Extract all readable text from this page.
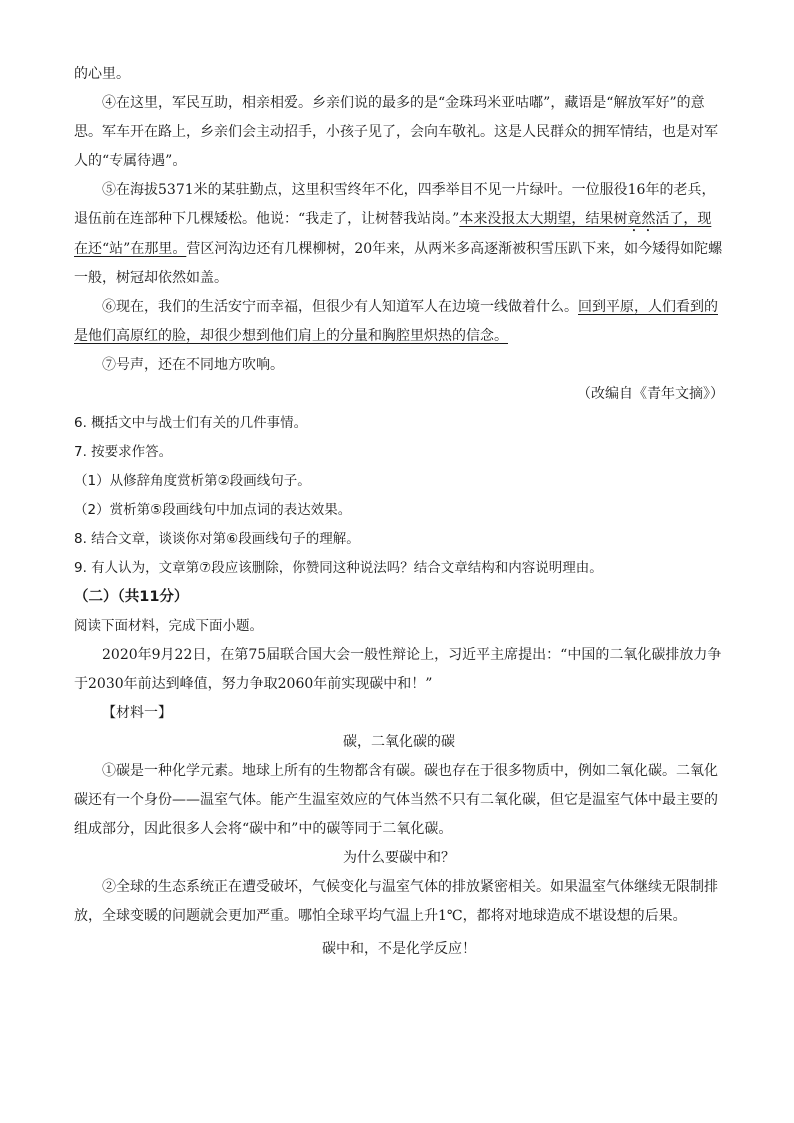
的心里。

④在这里，军民互助，相亲相爱。乡亲们说的最多的是“金珠玛米亚咕嘟”，藏语是“解放军好”的意思。军车开在路上，乡亲们会主动招手，小孩子见了，会向车敬礼。这是人民群众的拥军情结，也是对军人的“专属待遇”。

⑤在海拔5371米的某驻勤点，这里积雪终年不化，四季举目不见一片绿叶。一位服役16年的老兵，退伍前在连部种下几棵矮松。他说：“我走了，让树替我站岗。”本来没报太大期望，结果树竟然活了，现在还“站”在那里。营区河沟边还有几棵柳树，20年来，从两米多高逐渐被积雪压趴下来，如今矮得如陀螺一般，树冠却依然如盖。

⑥现在，我们的生活安宁而幸福，但很少有人知道军人在边境一线做着什么。回到平原，人们看到的是他们高原红的脸，却很少想到他们肩上的分量和胸腔里炽热的信念。

⑦号声，还在不同地方吹响。

（改编自《青年文摘》）

6. 概括文中与战士们有关的几件事情。

7. 按要求作答。

（1）从修辞角度赏析第②段画线句子。

（2）赏析第⑤段画线句中加点词的表达效果。

8. 结合文章，谈谈你对第⑥段画线句子的理解。

9. 有人认为，文章第⑦段应该删除，你赞同这种说法吗？结合文章结构和内容说明理由。

（二）（共11分）

阅读下面材料，完成下面小题。

2020年9月22日，在第75届联合国大会一般性辩论上，习近平主席提出：“中国的二氧化碳排放力争于2030年前达到峰值，努力争取2060年前实现碳中和！”

【材料一】

碳，二氧化碳的碳

①碳是一种化学元素。地球上所有的生物都含有碳。碳也存在于很多物质中，例如二氧化碳。二氧化碳还有一个身份——温室气体。能产生温室效应的气体当然不只有二氧化碳，但它是温室气体中最主要的组成部分，因此很多人会将“碳中和”中的碳等同于二氧化碳。

为什么要碳中和？

②全球的生态系统正在遭受破坏，气候变化与温室气体的排放紧密相关。如果温室气体继续无限制排放，全球变暖的问题就会更加严重。哪怕全球平均气温上升1℃，都将对地球造成不堪设想的后果。

碳中和，不是化学反应！
